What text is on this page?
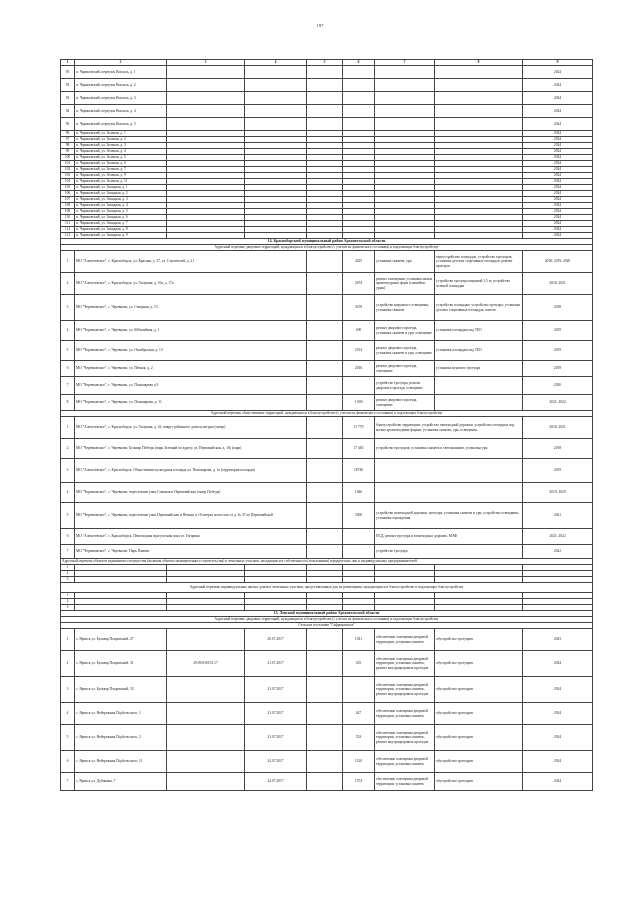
197
1	2	3	4	5	6	7	8	9
95	п. Чариковский, переулок Вокзаль, д. 1							2024
92	п. Чариковский, переулок Вокзаль, д. 2							2024
93	п. Чариковский, переулок Вокзаль, д. 3							2024
94	п. Чариковский, переулок Вокзаль, д. 4							2024
95	п. Чариковский, переулок Вокзаль, д. 5							2024
96	п. Чариковский, ул. Зеленая, д. 1							2024
97	п. Чариковский, ул. Зеленая, д. 2							2024
98	п. Чариковский, ул. Зеленая, д. 3							2024
99	п. Чариковский, ул. Зеленая, д. 4							2024
100	п. Чариковский, ул. Зеленая, д. 5							2024
101	п. Чариковский, ул. Зеленая, д. 6							2024
102	п. Чариковский, ул. Зеленая, д. 7							2024
103	п. Чариковский, ул. Зеленая, д. 9							2024
104	п. Чариковский, ул. Зеленая, д. 11							2024
105	п. Чариковский, ул. Западная, д. 1							2024
106	п. Чариковский, ул. Западная, д. 2							2024
107	п. Чариковский, ул. Западная, д. 3							2024
108	п. Чариковский, ул. Западная, д. 4							2024
109	п. Чариковский, ул. Западная, д. 5							2024
110	п. Чариковский, ул. Западная, д. 6							2024
111	п. Чариковский, ул. Западная, д. 7							2024
112	п. Чариковский, ул. Западная, д. 8							2024
113	п. Чариковский, ул. Западная, д. 9							2024
14. Красноборский муниципальный район Архангельской области								
Адресный перечень дворовых территорий, нуждающихся в благоустройстве (с учетом их физического состояния) и подлежащих благоустройству								
1	МО "Алексеевское", с. Красноборск, ул. Красная, д. 37, ул. Строителей, д. 21				4225	установка скамеек, урн	переустройство площадок, устройство тротуаров, установка детских спортивных площадок, ремонт проездов	2018; 2019; 2020
2	МО "Алексеевское", с. Красноборск, ул. Гагарина, д. 16а, д. 17а				2674	ремонт освещения, установка малых архитектурных форм (скамейки, урны)	устройство тротуара шириной 1,5 м; устройство зеленой площадки	2018; 2021
3	МО "Черевковское", с. Черевково, ул. Северная, д. 13				4159	устройство наружного освещения, установка скамеек	устройство площадки; устройство тротуара; установка детских спортивных площадок, качели	2018
4	МО "Черевковское", с. Черевково, ул. Юбилейная, д. 1				400	ремонт дворового проезда, установка скамеек и урн, освещение	установка площадки под ТБО	2019
5	МО "Черевковское", с. Черевково, ул. Октябрьская, д. 13				2514	ремонт дворового проезда, установка скамеек и урн, освещение	установка площадки под ТБО	2019
6	МО "Черевковское", с. Черевково, ул. Печная, д. 2				2016	ремонт дворового проезда, освещение	установка игрового тротуара	2019
7	МО "Черевковское", с. Черевково, ул. Пономарева д.9					устройство тротуара; ремонт дворового проезда, освещение		2020
8	МО "Черевковское", с. Черевково, ул. Пономарева, д. 11				1 000	ремонт дворового проезда, освещение		2021; 2022
Адресный перечень общественных территорий, нуждающихся в благоустройстве (с учетом их физического состояния) и подлежащих благоустройству								
1	МО "Алексеевское", с. Красноборск, ул. Гагарина, д. 43, вокруг районного дома культуры (сквер)				11 770	благоустройство территории: устройство пешеходной дорожки, устройство площадки под малые архитектурные формы, установка скамеек, урн, освещения		2018; 2021
2	МО "Черевковское", с. Черевково, Бульвар Победы (парк Зеленый по адресу ул. Первомайская, д. 16) (парк)				17 463	устройство тротуаров, установка скамеек и светильников, установка урн		2018
3	МО "Алексеевское", с. Красноборск, Общественно-культурная площадь ул. Пономарева, д. 1а (территория площади)				18746			2019
4	МО "Черевковское", с. Черевково, пересечение улиц Спичная и Первомайская (сквер Победы)				1646			2019; 2020
5	МО "Черевковское", с. Черевково, пересечение улиц Первомайская и Печная, в 10 метрах на восток от д. № 37 по Первомайской				3300	устройство пешеходной дорожки, тротуара, установка скамеек и урн, устройство освещения, установка ограждения		2021
6	МО "Алексеевское", с. Красноборск, Пешеходная прогулочная зона ул. Гагарина					ПСД, ремонт тротуара и пешеходных дорожек, МАФ		2021; 2022
7	МО "Черевковское", с. Черевково, Парк Памяти					устройство тротуара		2022
Адресный перечень объектов недвижимого имущества (включая объекты незавершенного строительства) и земельных участков, находящихся в собственности (пользовании) юридических лиц и индивидуальных предпринимателей								
1								
2								
3								
Адресный перечень индивидуальных жилых домов и земельных участков, предоставленных для их размещения, нуждающихся в благоустройстве и подлежащих благоустройству								
1								
2								
3								
15. Ленский муниципальный район Архангельской области								
Адресный перечень дворовых территорий, нуждающихся в благоустройстве (с учетом их физического состояния) и подлежащих благоустройству								
Сельское поселение "Сафроновское"								
1	с. Яренск ул. Бульвар Покровский, 27		20.07.2017		1921	обеспечение освещения дворовой территории, установка скамеек	обустройство тротуаров	2023
2	с. Яренск ул. Бульвар Покровский, 31	29:09:030101:17	21.07.2017		435	обеспечение освещения дворовой территории, установка скамеек, ремонт внутридворовых проездов	обустройство тротуаров	2024
3	с. Яренск ул. Бульвар Покровский, 53		21.07.2017			обеспечение освещения дворовой территории, установка скамеек, ремонт внутридворовых проездов	обустройство тротуаров	2024
4	с. Яренск ул. Набережная Подбельского, 1		21.07.2017		447	обеспечение освещения дворовой территории, установка скамеек	обустройство тротуаров	2024
5	с. Яренск ул. Набережная Подбельского, 2		21.07.2017		533	обеспечение освещения дворовой территории, установка скамеек, ремонт внутридворовых проездов	обустройство тротуаров	2024
6	с. Яренск ул. Набережная Подбельского, 11		24.07.2017		1120	обеспечение освещения дворовой территории, установка скамеек	обустройство тротуаров	2024
7	с. Яренск ул. Дубинина, 7		24.07.2017		1574	обеспечение освещения дворовой территории, установка скамеек	обустройство тротуаров	2024
